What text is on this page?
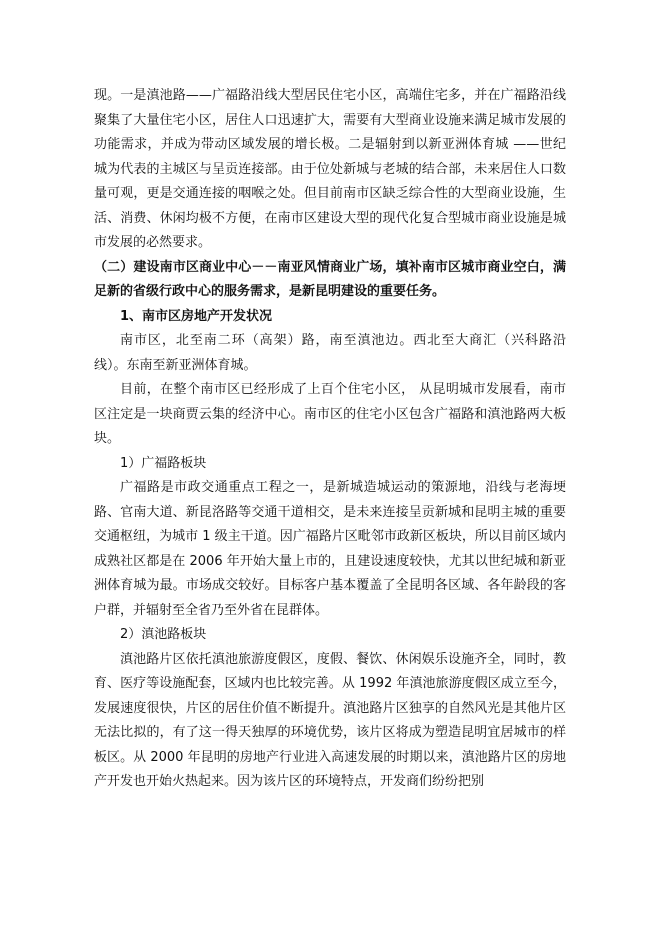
现。一是滇池路——广福路沿线大型居民住宅小区，高端住宅多，并在广福路沿线聚集了大量住宅小区，居住人口迅速扩大，需要有大型商业设施来满足城市发展的功能需求，并成为带动区域发展的增长极。二是辐射到以新亚洲体育城 ——世纪城为代表的主城区与呈贡连接部。由于位处新城与老城的结合部，未来居住人口数量可观，更是交通连接的咽喉之处。但目前南市区缺乏综合性的大型商业设施，生活、消费、休闲均极不方便，在南市区建设大型的现代化复合型城市商业设施是城市发展的必然要求。

（二）建设南市区商业中心－－南亚风情商业广场，填补南市区城市商业空白，满足新的省级行政中心的服务需求，是新昆明建设的重要任务。

1、南市区房地产开发状况

南市区，北至南二环（高架）路，南至滇池边。西北至大商汇（兴科路沿线）。东南至新亚洲体育城。

目前，在整个南市区已经形成了上百个住宅小区， 从昆明城市发展看，南市区注定是一块商贾云集的经济中心。南市区的住宅小区包含广福路和滇池路两大板块。

1）广福路板块

广福路是市政交通重点工程之一，是新城造城运动的策源地，沿线与老海埂路、官南大道、新昆洛路等交通干道相交，是未来连接呈贡新城和昆明主城的重要交通枢纽，为城市 1 级主干道。因广福路片区毗邻市政新区板块，所以目前区域内成熟社区都是在 2006 年开始大量上市的，且建设速度较快，尤其以世纪城和新亚洲体育城为最。市场成交较好。目标客户基本覆盖了全昆明各区域、各年龄段的客户群，并辐射至全省乃至外省在昆群体。

2）滇池路板块

滇池路片区依托滇池旅游度假区，度假、餐饮、休闲娱乐设施齐全，同时，教育、医疗等设施配套，区域内也比较完善。从 1992 年滇池旅游度假区成立至今，发展速度很快，片区的居住价值不断提升。滇池路片区独享的自然风光是其他片区无法比拟的，有了这一得天独厚的环境优势，该片区将成为塑造昆明宜居城市的样板区。从 2000 年昆明的房地产行业进入高速发展的时期以来，滇池路片区的房地产开发也开始火热起来。因为该片区的环境特点，开发商们纷纷把别
